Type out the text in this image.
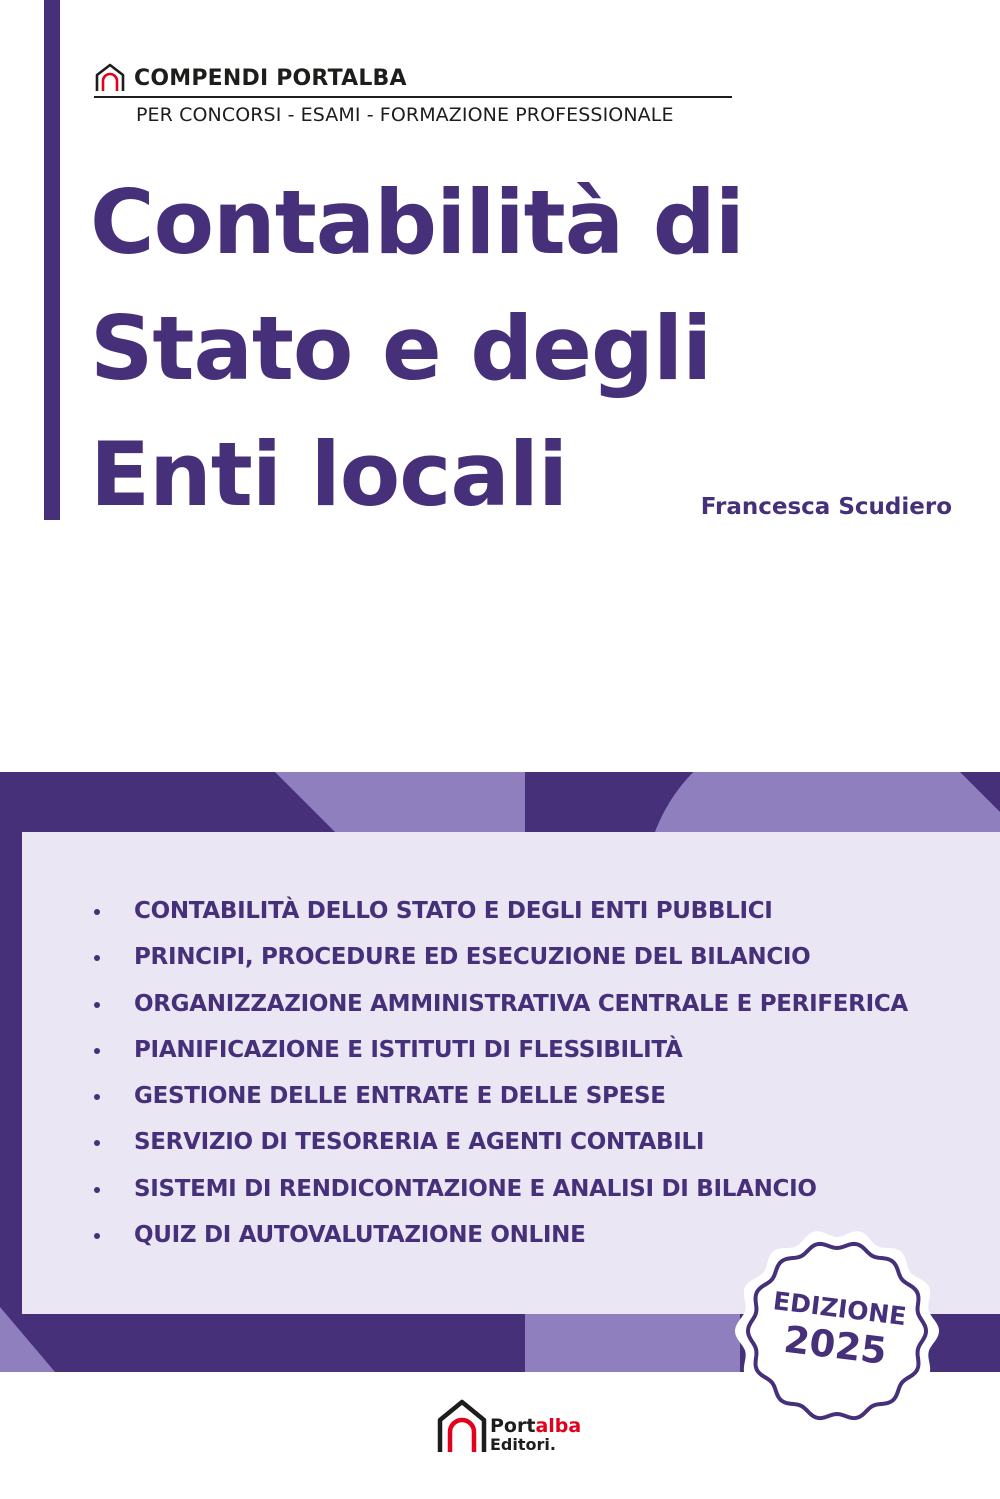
COMPENDI PORTALBA
PER CONCORSI - ESAMI - FORMAZIONE PROFESSIONALE
Contabilità di
Stato e degli
Enti locali	Francesca Scudiero
CONTABILITÀ DELLO STATO E DEGLI ENTI PUBBLICI
PRINCIPI, PROCEDURE ED ESECUZIONE DEL BILANCIO
ORGANIZZAZIONE AMMINISTRATIVA CENTRALE E PERIFERICA
PIANIFICAZIONE E ISTITUTI DI FLESSIBILITÀ
GESTIONE DELLE ENTRATE E DELLE SPESE
SERVIZIO DI TESORERIA E AGENTI CONTABILI
SISTEMI DI RENDICONTAZIONE E ANALISI DI BILANCIO
QUIZ DI AUTOVALUTAZIONE ONLINE
EDIZIONE
2025
Portalba
Editori.
